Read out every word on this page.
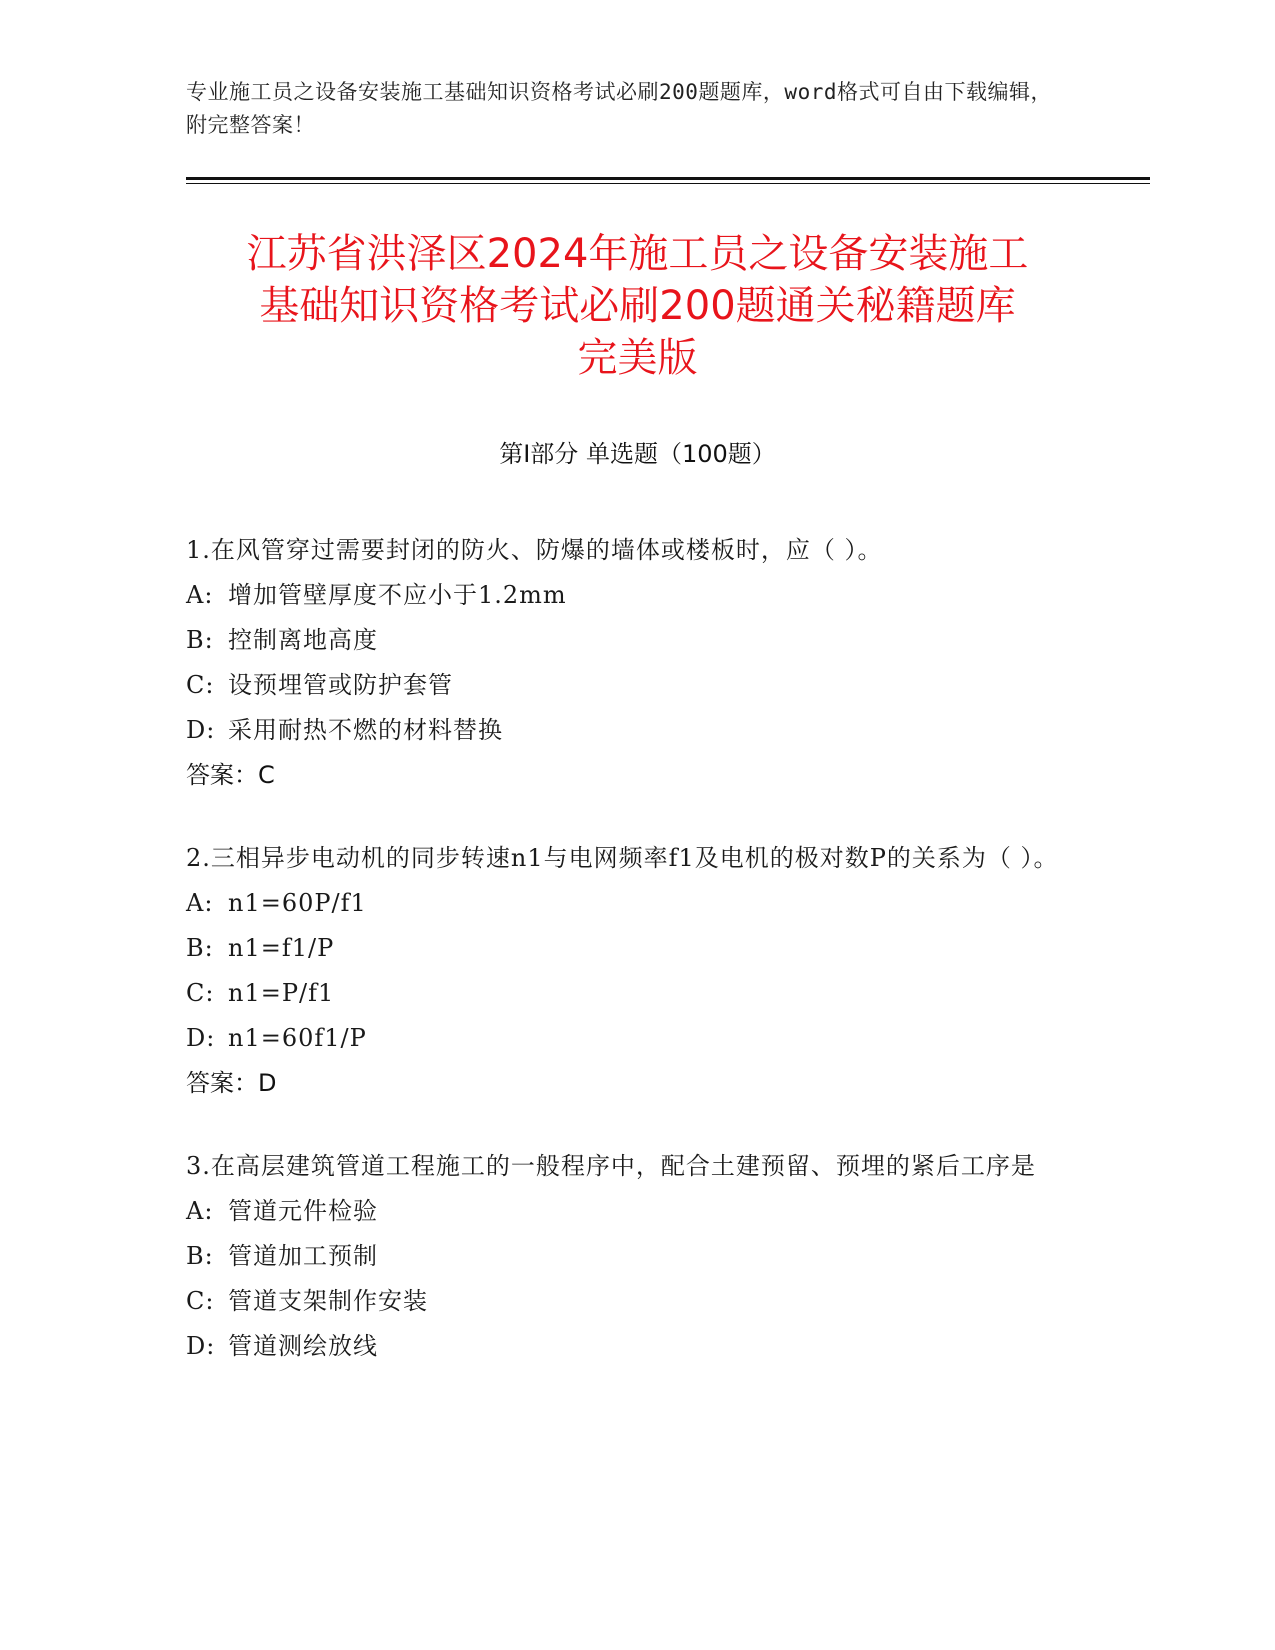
专业施工员之设备安装施工基础知识资格考试必刷200题题库，word格式可自由下载编辑，附完整答案！
江苏省洪泽区2024年施工员之设备安装施工
基础知识资格考试必刷200题通关秘籍题库
完美版
第Ⅰ部分 单选题（100题）
1.在风管穿过需要封闭的防火、防爆的墙体或楼板时，应（ ）。
A: 增加管壁厚度不应小于1.2mm
B: 控制离地高度
C: 设预埋管或防护套管
D: 采用耐热不燃的材料替换
答案：C
2.三相异步电动机的同步转速n1与电网频率f1及电机的极对数P的关系为（ ）。
A: n1=60P/f1
B: n1=f1/P
C: n1=P/f1
D: n1=60f1/P
答案：D
3.在高层建筑管道工程施工的一般程序中，配合土建预留、预埋的紧后工序是
A: 管道元件检验
B: 管道加工预制
C: 管道支架制作安装
D: 管道测绘放线
